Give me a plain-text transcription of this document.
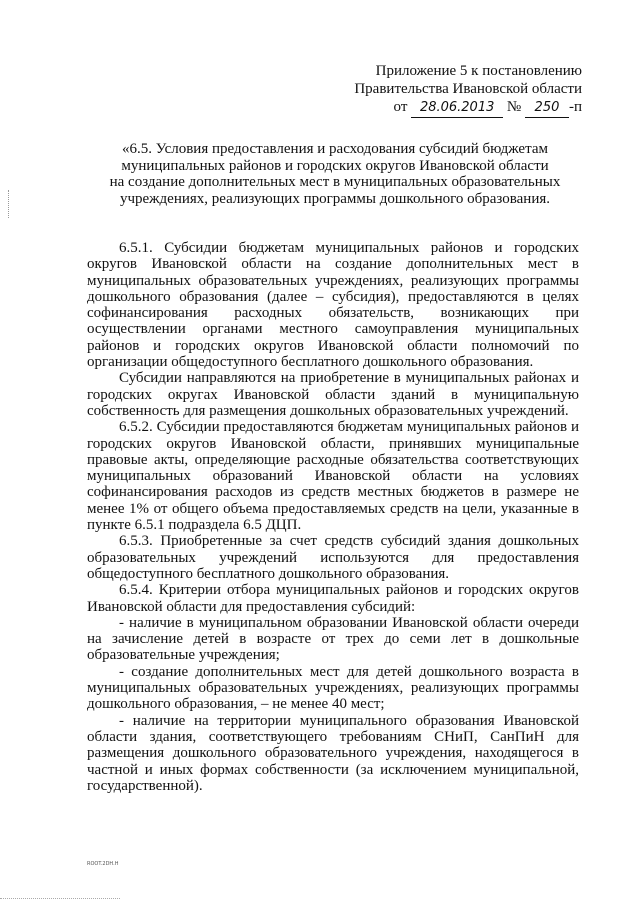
Приложение 5 к постановлению
Правительства Ивановской области
от 28.06.2013 № 250 -п
«6.5. Условия предоставления и расходования субсидий бюджетам
муниципальных районов и городских округов Ивановской области
на создание дополнительных мест в муниципальных образовательных
учреждениях, реализующих программы дошкольного образования.

6.5.1. Субсидии бюджетам муниципальных районов и городских округов Ивановской области на создание дополнительных мест в муниципальных образовательных учреждениях, реализующих программы дошкольного образования (далее – субсидия), предоставляются в целях софинансирования расходных обязательств, возникающих при осуществлении органами местного самоуправления муниципальных районов и городских округов Ивановской области полномочий по организации общедоступного бесплатного дошкольного образования.

Субсидии направляются на приобретение в муниципальных районах и городских округах Ивановской области зданий в муниципальную собственность для размещения дошкольных образовательных учреждений.

6.5.2. Субсидии предоставляются бюджетам муниципальных районов и городских округов Ивановской области, принявших муниципальные правовые акты, определяющие расходные обязательства соответствующих муниципальных образований Ивановской области на условиях софинансирования расходов из средств местных бюджетов в размере не менее 1% от общего объема предоставляемых средств на цели, указанные в пункте 6.5.1 подраздела 6.5 ДЦП.

6.5.3. Приобретенные за счет средств субсидий здания дошкольных образовательных учреждений используются для предоставления общедоступного бесплатного дошкольного образования.

6.5.4. Критерии отбора муниципальных районов и городских округов Ивановской области для предоставления субсидий:

- наличие в муниципальном образовании Ивановской области очереди на зачисление детей в возрасте от трех до семи лет в дошкольные образовательные учреждения;

- создание дополнительных мест для детей дошкольного возраста в муниципальных образовательных учреждениях, реализующих программы дошкольного образования, – не менее 40 мест;

- наличие на территории муниципального образования Ивановской области здания, соответствующего требованиям СНиП, СанПиН для размещения дошкольного образовательного учреждения, находящегося в частной и иных формах собственности (за исключением муниципальной, государственной).

ROOT.2DH.H
